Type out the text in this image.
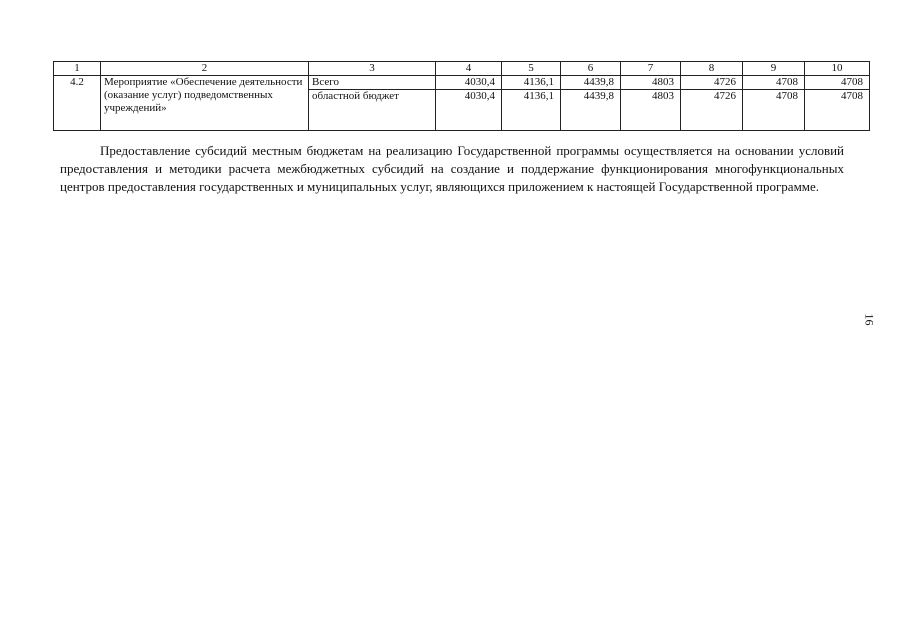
1	2	3	4	5	6	7	8	9	10
4.2	Мероприятие «Обеспечение деятельности (оказание услуг) подведомственных учреждений»	Всего	4030,4	4136,1	4439,8	4803	4726	4708	4708
		областной бюджет	4030,4	4136,1	4439,8	4803	4726	4708	4708

Предоставление субсидий местным бюджетам на реализацию Государственной программы осуществляется на основании условий предоставления и методики расчета межбюджетных субсидий на создание и поддержание функционирования многофункциональных центров предоставления государственных и муниципальных услуг, являющихся приложением к настоящей Государственной программе.

16
